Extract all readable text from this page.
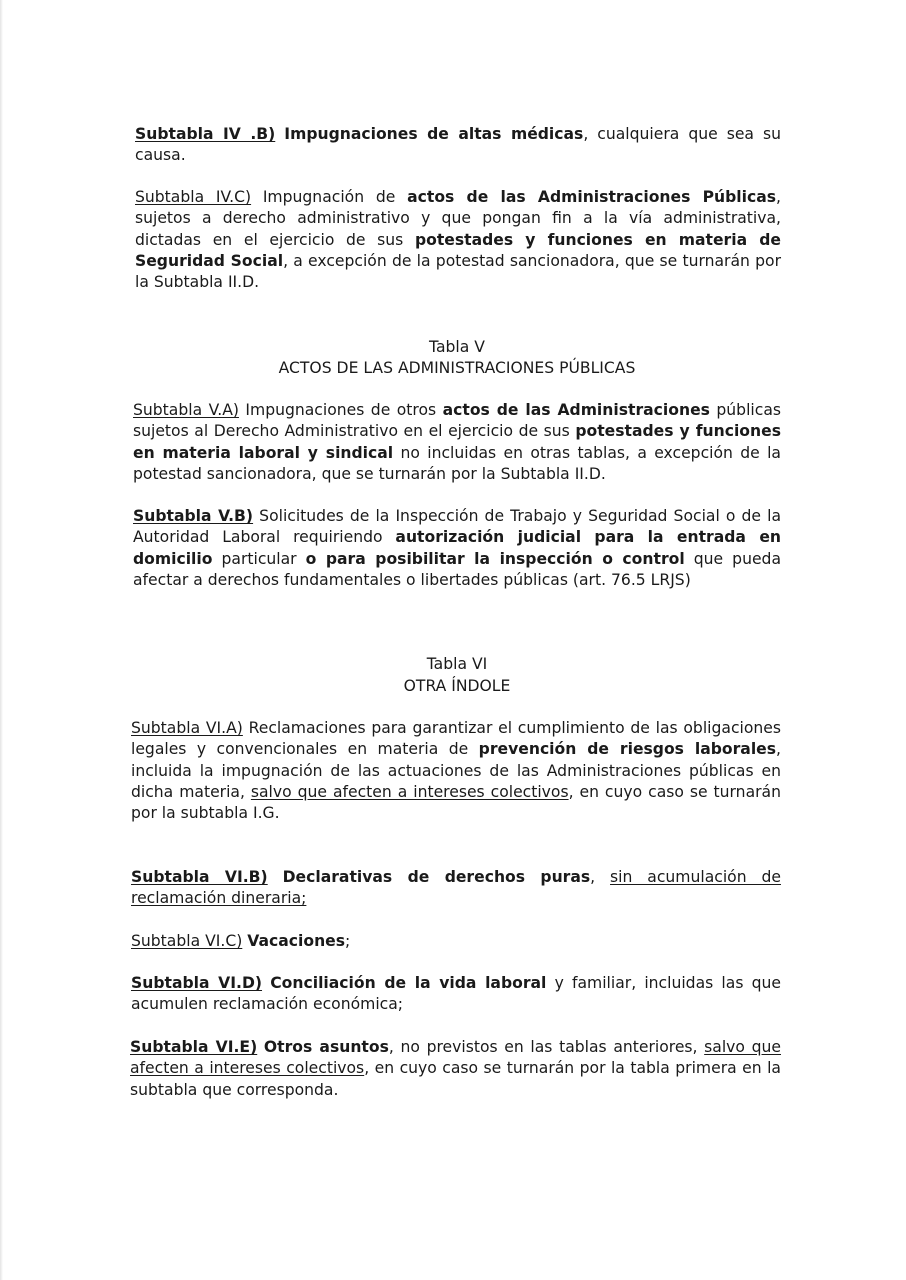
Subtabla IV .B) Impugnaciones de altas médicas, cualquiera que sea su causa.

Subtabla IV.C) Impugnación de actos de las Administraciones Públicas, sujetos a derecho administrativo y que pongan fin a la vía administrativa, dictadas en el ejercicio de sus potestades y funciones en materia de Seguridad Social, a excepción de la potestad sancionadora, que se turnarán por la Subtabla II.D.

Tabla V

ACTOS DE LAS ADMINISTRACIONES PÚBLICAS

Subtabla V.A) Impugnaciones de otros actos de las Administraciones públicas sujetos al Derecho Administrativo en el ejercicio de sus potestades y funciones en materia laboral y sindical no incluidas en otras tablas, a excepción de la potestad sancionadora, que se turnarán por la Subtabla II.D.

Subtabla V.B) Solicitudes de la Inspección de Trabajo y Seguridad Social o de la Autoridad Laboral requiriendo autorización judicial para la entrada en domicilio particular o para posibilitar la inspección o control que pueda afectar a derechos fundamentales o libertades públicas (art. 76.5 LRJS)

Tabla VI

OTRA ÍNDOLE

Subtabla VI.A) Reclamaciones para garantizar el cumplimiento de las obligaciones legales y convencionales en materia de prevención de riesgos laborales, incluida la impugnación de las actuaciones de las Administraciones públicas en dicha materia, salvo que afecten a intereses colectivos, en cuyo caso se turnarán por la subtabla I.G.

Subtabla VI.B) Declarativas de derechos puras, sin acumulación de reclamación dineraria;

Subtabla VI.C) Vacaciones;

Subtabla VI.D) Conciliación de la vida laboral y familiar, incluidas las que acumulen reclamación económica;

Subtabla VI.E) Otros asuntos, no previstos en las tablas anteriores, salvo que afecten a intereses colectivos, en cuyo caso se turnarán por la tabla primera en la subtabla que corresponda.
